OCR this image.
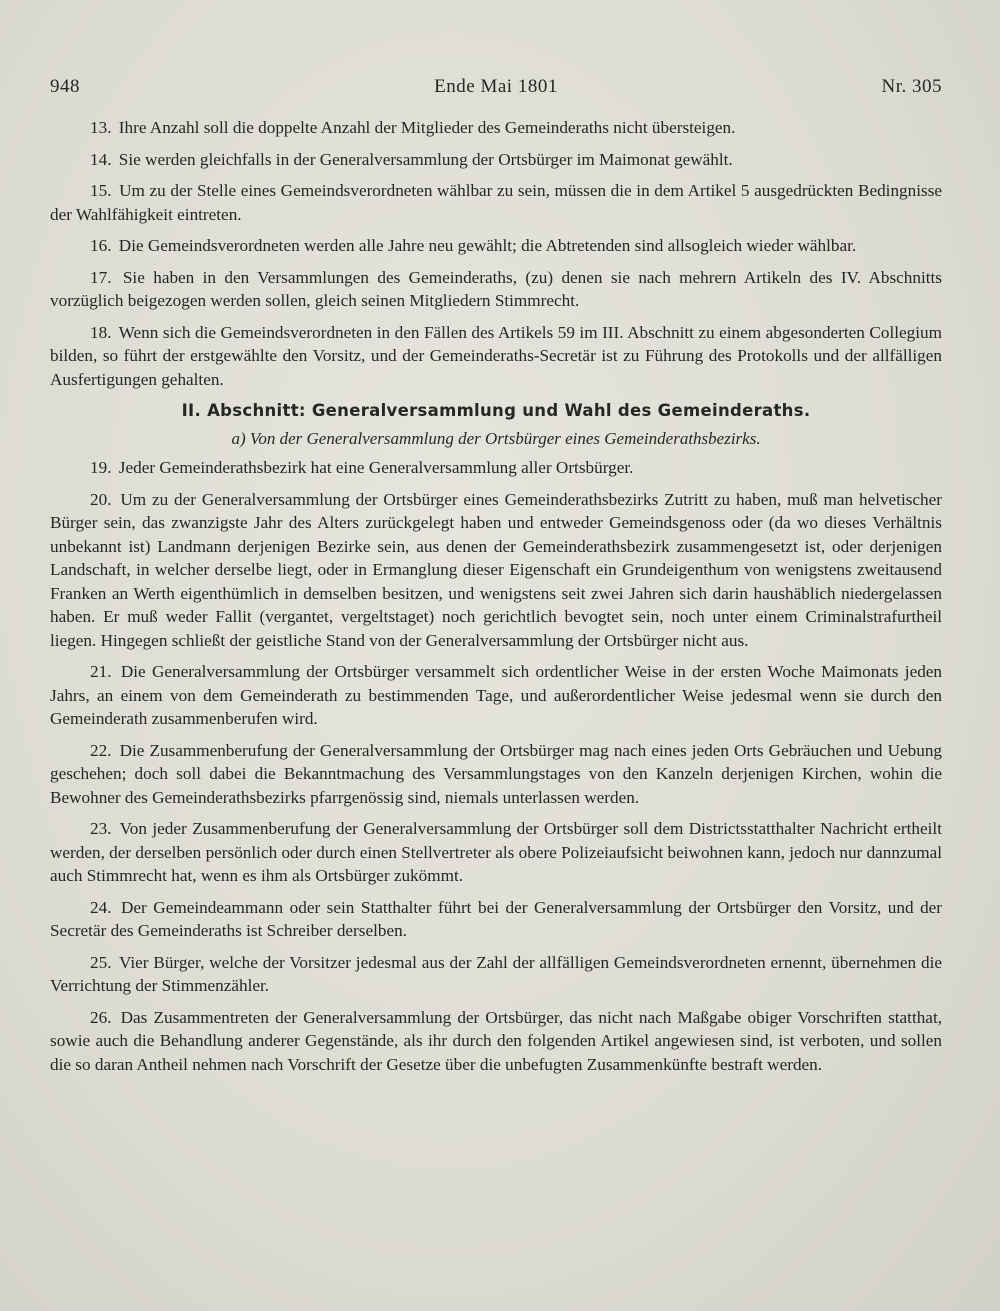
948	Ende Mai 1801	Nr. 305

13. Ihre Anzahl soll die doppelte Anzahl der Mitglieder des Gemeinderaths nicht übersteigen.

14. Sie werden gleichfalls in der Generalversammlung der Ortsbürger im Maimonat gewählt.

15. Um zu der Stelle eines Gemeindsverordneten wählbar zu sein, müssen die in dem Artikel 5 ausgedrückten Bedingnisse der Wahlfähigkeit eintreten.

16. Die Gemeindsverordneten werden alle Jahre neu gewählt; die Abtretenden sind allsogleich wieder wählbar.

17. Sie haben in den Versammlungen des Gemeinderaths, (zu) denen sie nach mehrern Artikeln des IV. Abschnitts vorzüglich beigezogen werden sollen, gleich seinen Mitgliedern Stimmrecht.

18. Wenn sich die Gemeindsverordneten in den Fällen des Artikels 59 im III. Abschnitt zu einem abgesonderten Collegium bilden, so führt der erstgewählte den Vorsitz, und der Gemeinderaths-Secretär ist zu Führung des Protokolls und der allfälligen Ausfertigungen gehalten.

II. Abschnitt: Generalversammlung und Wahl des Gemeinderaths.

a) Von der Generalversammlung der Ortsbürger eines Gemeinderathsbezirks.

19. Jeder Gemeinderathsbezirk hat eine Generalversammlung aller Ortsbürger.

20. Um zu der Generalversammlung der Ortsbürger eines Gemeinderathsbezirks Zutritt zu haben, muß man helvetischer Bürger sein, das zwanzigste Jahr des Alters zurückgelegt haben und entweder Gemeindsgenoss oder (da wo dieses Verhältnis unbekannt ist) Landmann derjenigen Bezirke sein, aus denen der Gemeinderathsbezirk zusammengesetzt ist, oder derjenigen Landschaft, in welcher derselbe liegt, oder in Ermanglung dieser Eigenschaft ein Grundeigenthum von wenigstens zweitausend Franken an Werth eigenthümlich in demselben besitzen, und wenigstens seit zwei Jahren sich darin haushäblich niedergelassen haben. Er muß weder Fallit (vergantet, vergeltstaget) noch gerichtlich bevogtet sein, noch unter einem Criminalstrafurtheil liegen. Hingegen schließt der geistliche Stand von der Generalversammlung der Ortsbürger nicht aus.

21. Die Generalversammlung der Ortsbürger versammelt sich ordentlicher Weise in der ersten Woche Maimonats jeden Jahrs, an einem von dem Gemeinderath zu bestimmenden Tage, und außerordentlicher Weise jedesmal wenn sie durch den Gemeinderath zusammenberufen wird.

22. Die Zusammenberufung der Generalversammlung der Ortsbürger mag nach eines jeden Orts Gebräuchen und Uebung geschehen; doch soll dabei die Bekanntmachung des Versammlungstages von den Kanzeln derjenigen Kirchen, wohin die Bewohner des Gemeinderathsbezirks pfarrgenössig sind, niemals unterlassen werden.

23. Von jeder Zusammenberufung der Generalversammlung der Ortsbürger soll dem Districtsstatthalter Nachricht ertheilt werden, der derselben persönlich oder durch einen Stellvertreter als obere Polizeiaufsicht beiwohnen kann, jedoch nur dannzumal auch Stimmrecht hat, wenn es ihm als Ortsbürger zukömmt.

24. Der Gemeindeammann oder sein Statthalter führt bei der Generalversammlung der Ortsbürger den Vorsitz, und der Secretär des Gemeinderaths ist Schreiber derselben.

25. Vier Bürger, welche der Vorsitzer jedesmal aus der Zahl der allfälligen Gemeindsverordneten ernennt, übernehmen die Verrichtung der Stimmenzähler.

26. Das Zusammentreten der Generalversammlung der Ortsbürger, das nicht nach Maßgabe obiger Vorschriften statthat, sowie auch die Behandlung anderer Gegenstände, als ihr durch den folgenden Artikel angewiesen sind, ist verboten, und sollen die so daran Antheil nehmen nach Vorschrift der Gesetze über die unbefugten Zusammenkünfte bestraft werden.
